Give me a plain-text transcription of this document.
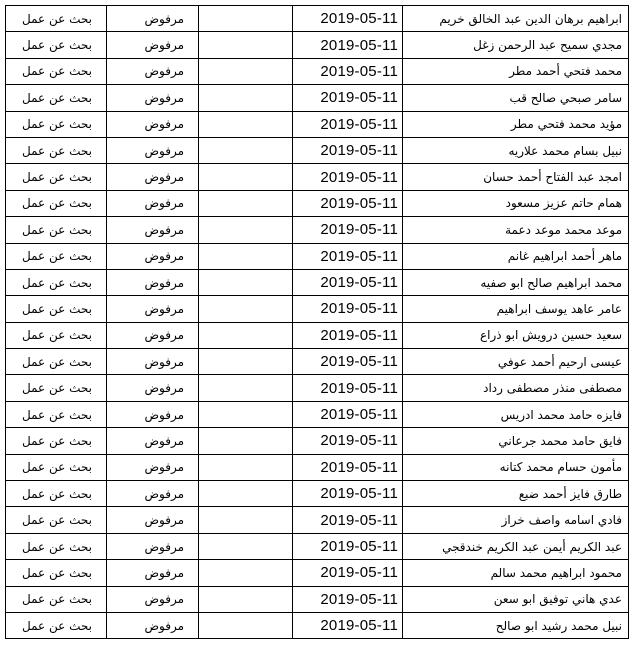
بحث عن عمل	مرفوض		2019-05-11	ابراهيم برهان الدين عبد الخالق خريم
بحث عن عمل	مرفوض		2019-05-11	مجدي سميح عبد الرحمن زغل
بحث عن عمل	مرفوض		2019-05-11	محمد فتحي أحمد مطر
بحث عن عمل	مرفوض		2019-05-11	سامر صبحي صالح قب
بحث عن عمل	مرفوض		2019-05-11	مؤيد محمد فتحي مطر
بحث عن عمل	مرفوض		2019-05-11	نبيل بسام محمد علاريه
بحث عن عمل	مرفوض		2019-05-11	امجد عبد الفتاح أحمد حسان
بحث عن عمل	مرفوض		2019-05-11	همام حاتم عزيز مسعود
بحث عن عمل	مرفوض		2019-05-11	موعد محمد موعد دعمة
بحث عن عمل	مرفوض		2019-05-11	ماهر أحمد ابراهيم غانم
بحث عن عمل	مرفوض		2019-05-11	محمد ابراهيم صالح ابو صفيه
بحث عن عمل	مرفوض		2019-05-11	عامر عاهد يوسف ابراهيم
بحث عن عمل	مرفوض		2019-05-11	سعيد حسين درويش ابو ذراع
بحث عن عمل	مرفوض		2019-05-11	عيسى ارحيم أحمد عوفي
بحث عن عمل	مرفوض		2019-05-11	مصطفى منذر مصطفى رداد
بحث عن عمل	مرفوض		2019-05-11	فايزه حامد محمد ادريس
بحث عن عمل	مرفوض		2019-05-11	فايق حامد محمد جرعاني
بحث عن عمل	مرفوض		2019-05-11	مأمون حسام محمد كتانه
بحث عن عمل	مرفوض		2019-05-11	طارق فايز أحمد ضبع
بحث عن عمل	مرفوض		2019-05-11	فادي اسامه واصف خراز
بحث عن عمل	مرفوض		2019-05-11	عبد الكريم أيمن عبد الكريم خندقجي
بحث عن عمل	مرفوض		2019-05-11	محمود ابراهيم محمد سالم
بحث عن عمل	مرفوض		2019-05-11	عدي هاني توفيق ابو سعن
بحث عن عمل	مرفوض		2019-05-11	نبيل محمد رشيد ابو صالح
